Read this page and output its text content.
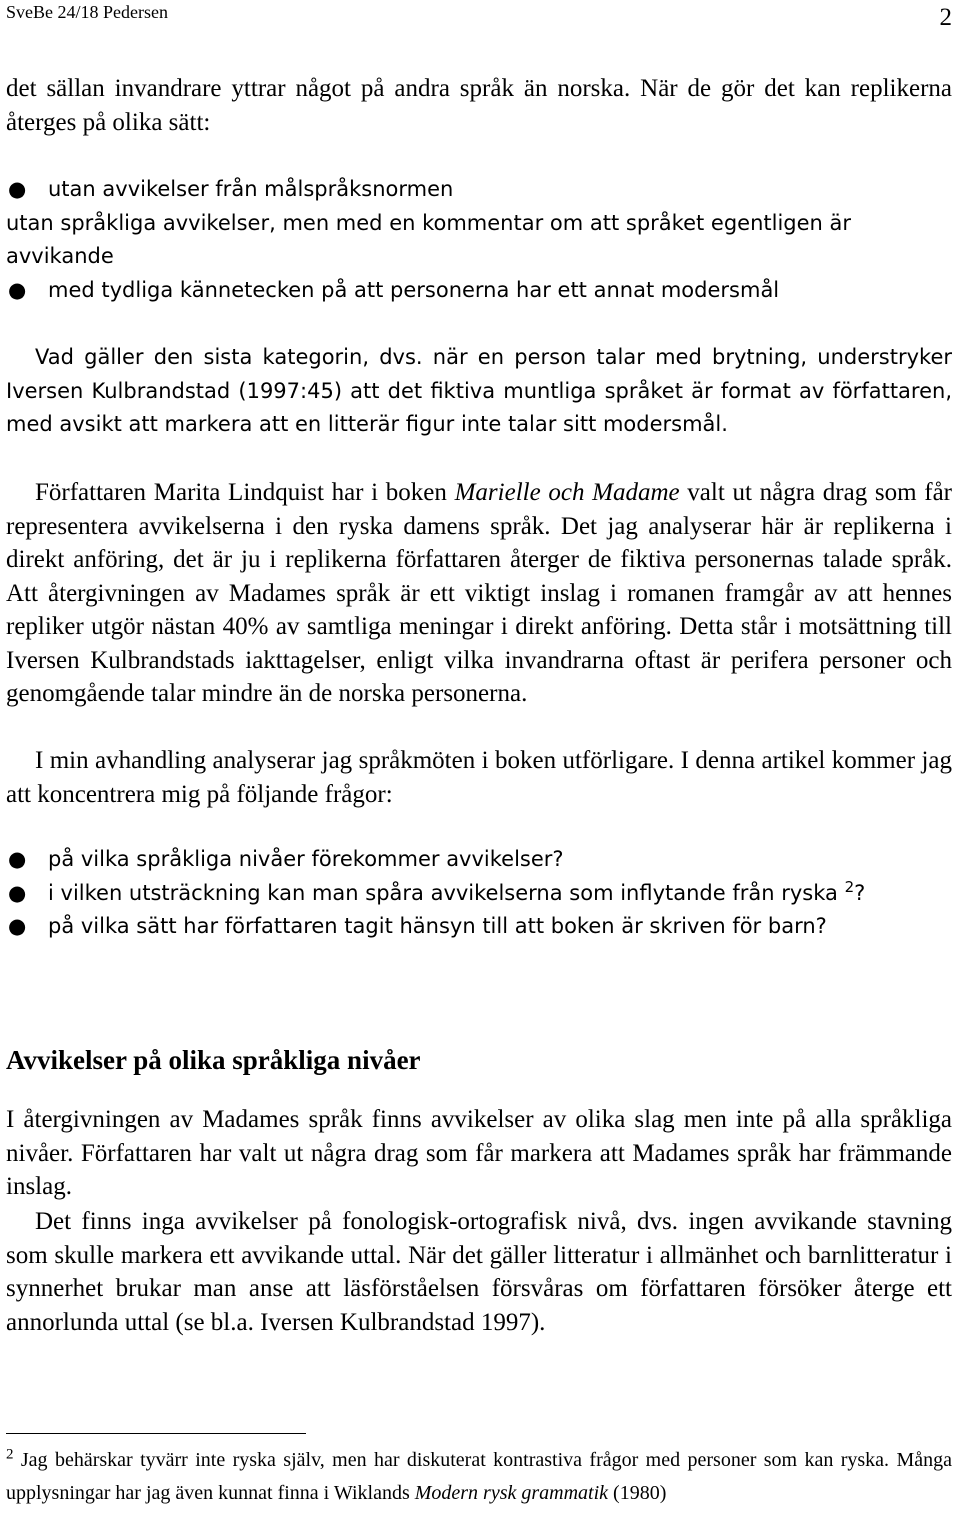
SveBe 24/18 Pedersen	2

det sällan invandrare yttrar något på andra språk än norska. När de gör det kan replikerna återges på olika sätt:

● utan avvikelser från målspråksnormen
utan språkliga avvikelser, men med en kommentar om att språket egentligen är avvikande
● med tydliga kännetecken på att personerna har ett annat modersmål

Vad gäller den sista kategorin, dvs. när en person talar med brytning, understryker Iversen Kulbrandstad (1997:45) att det fiktiva muntliga språket är format av författaren, med avsikt att markera att en litterär figur inte talar sitt modersmål.

Författaren Marita Lindquist har i boken Marielle och Madame valt ut några drag som får representera avvikelserna i den ryska damens språk. Det jag analyserar här är replikerna i direkt anföring, det är ju i replikerna författaren återger de fiktiva personernas talade språk. Att återgivningen av Madames språk är ett viktigt inslag i romanen framgår av att hennes repliker utgör nästan 40% av samtliga meningar i direkt anföring. Detta står i motsättning till Iversen Kulbrandstads iakttagelser, enligt vilka invandrarna oftast är perifera personer och genomgående talar mindre än de norska personerna.

I min avhandling analyserar jag språkmöten i boken utförligare. I denna artikel kommer jag att koncentrera mig på följande frågor:

● på vilka språkliga nivåer förekommer avvikelser?
● i vilken utsträckning kan man spåra avvikelserna som inflytande från ryska $^2$?
● på vilka sätt har författaren tagit hänsyn till att boken är skriven för barn?
Avvikelser på olika språkliga nivåer

I återgivningen av Madames språk finns avvikelser av olika slag men inte på alla språkliga nivåer. Författaren har valt ut några drag som får markera att Madames språk har främmande inslag.

Det finns inga avvikelser på fonologisk-ortografisk nivå, dvs. ingen avvikande stavning som skulle markera ett avvikande uttal. När det gäller litteratur i allmänhet och barnlitteratur i synnerhet brukar man anse att läsförståelsen försvåras om författaren försöker återge ett annorlunda uttal (se bl.a. Iversen Kulbrandstad 1997).

$^2$ Jag behärskar tyvärr inte ryska själv, men har diskuterat kontrastiva frågor med personer som kan ryska. Många upplysningar har jag även kunnat finna i Wiklands Modern rysk grammatik (1980)
